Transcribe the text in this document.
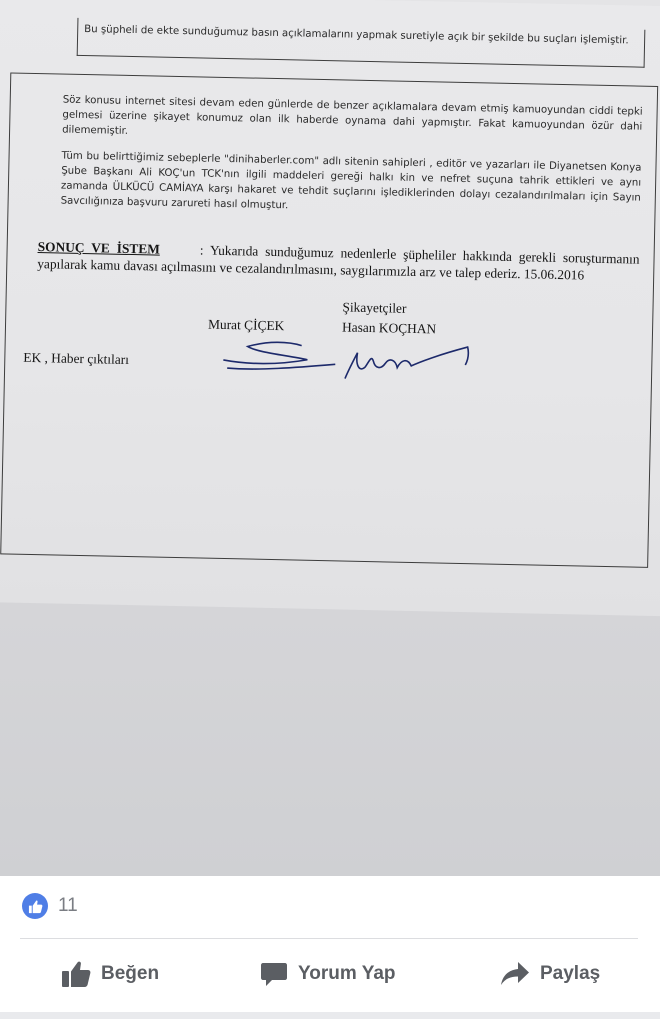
Bu şüpheli de ekte sunduğumuz basın açıklamalarını yapmak suretiyle açık bir şekilde bu suçları işlemiştir.
Söz konusu internet sitesi devam eden günlerde de benzer açıklamalara devam etmiş kamuoyundan ciddi tepki gelmesi üzerine şikayet konumuz olan ilk haberde oynama dahi yapmıştır. Fakat kamuoyundan özür dahi dilememiştir.
Tüm bu belirttiğimiz sebeplerle "dinihaberler.com" adlı sitenin sahipleri , editör ve yazarları ile Diyanetsen Konya Şube Başkanı Ali KOÇ'un TCK'nın ilgili maddeleri gereği halkı kin ve nefret suçuna tahrik ettikleri ve aynı zamanda ÜLKÜCÜ CAMİAYA karşı hakaret ve tehdit suçlarını işlediklerinden dolayı cezalandırılmaları için Sayın Savcılığınıza başvuru zarureti hasıl olmuştur.
SONUÇ VE İSTEM	: Yukarıda sunduğumuz nedenlerle şüpheliler hakkında gerekli soruşturmanın yapılarak kamu davası açılmasını ve cezalandırılmasını, saygılarımızla arz ve talep ederiz. 15.06.2016
Şikayetçiler
Murat ÇİÇEK	Hasan KOÇHAN
EK , Haber çıktıları
11
Beğen	Yorum Yap	Paylaş
